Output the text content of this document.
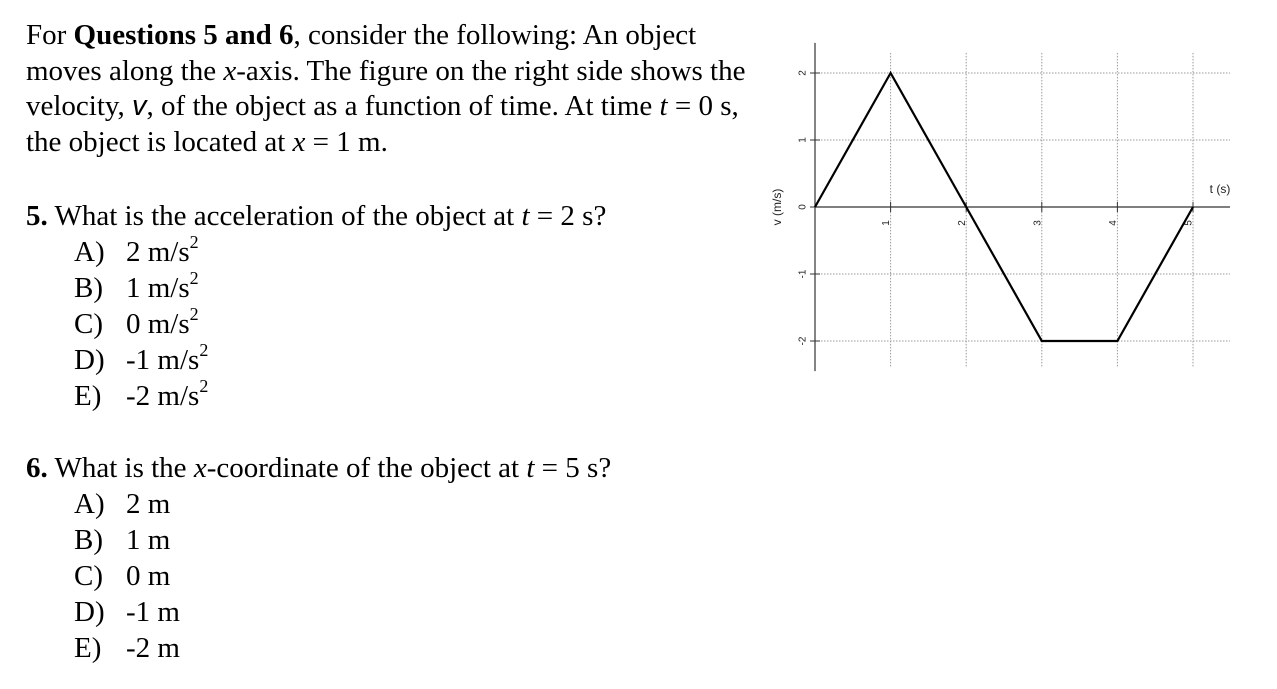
For Questions 5 and 6, consider the following: An object moves along the x-axis. The figure on the right side shows the velocity, v, of the object as a function of time. At time t = 0 s, the object is located at x = 1 m.
5. What is the acceleration of the object at t = 2 s?
A) 2 $m/s^2$
B) 1 $m/s^2$
C) 0 $m/s^2$
D) -1 $m/s^2$
E) -2 $m/s^2$
6. What is the x-coordinate of the object at t = 5 s?
A) 2 m
B) 1 m
C) 0 m
D) -1 m
E) -2 m
1	2	3	4	5
2
1
0
-1
-2
t (s)
v (m/s)
